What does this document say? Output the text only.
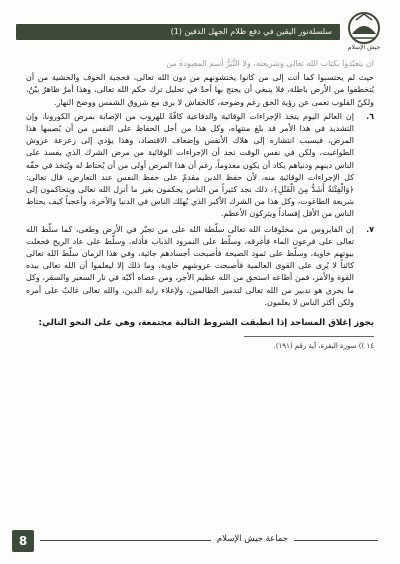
سلسلةنور اليقين في دفع ظلام الجهل الدفين (1)
جيش الإسلام

ان يتعبّدوا بكتاب الله تعالى وشريعته، ولا التَّبَرُّ أسم المعبودة من

حيث لم يحتسبوا كما أتت إلى من كانوا يختشونهم من دون الله تعالى، فحجبة الخوف والخشية من أن يُتخطفوا من الأرض باطلة، فلا ينبغي أن يحتج بها أحدٌ في تحليل ترك حكم الله تعالى، وهذا أمرٌ ظاهرٌ بيّنٌ، ولكنّ القلوب تعمى عن رؤية الحق رغم وضوحه، كالخفاش لا يرى مع شروق الشمس ووضح النهار.

٦.
إن العالم اليوم يتخذ الإجراءات الوقائية والدفاعية كافّةً للهروب من الإصابة بمرض الكورونا، وإن التشديد في هذا الأمر قد بلغ منتهاه، وكل هذا من أجل الحفاظ على النفس من أن يُصيبها هذا المرض، فيسبب انتشاره إلى هلاك الأنفس وإضعاف الاقتصاد، وهذا يؤدي إلى زعزعة عروش الطواغيت، ولكن في نفس الوقت نجد أن الإجراءات الوقائية من مرض الشرك الذي يفسد على الناس دينهم ودنياهم يكاد أن يكون معدوماً، رغم أن هذا المرض أولى من أن يُحتاط له ويُتخذ في حقّه كل الإجراءات الوقائية منه، لأن حفظ الدين مقدمٌ على حفظ النفس عند التعارض، قال تعالى: ﴿وَالْفِتْنَةُ أَشَدُّ مِنَ الْقَتْلِ﴾، ذلك نجد كثيراً من الناس يحكمون بغير ما أنزل الله تعالى ويتحاكمون إلى شريعة الطاغوت، وكل هذا من الشرك الأكبر الذي يُهلك الناس في الدنيا والآخرة، وأعجباً كيف يحتاط الناس من الأقل إفساداً ويتركون الأعظم.
٧.
إن الفايروس من مخلوقات الله تعالى سلّطه الله على من تجبّر في الأرض وطغى، كما سلّط الله تعالى على فرعون الماء فأغرقه، وسلّط على النمرود الذباب فأذله، وسلّط على عاد الريح فجعلت بيوتهم خاوية، وسلّط على ثمود الصيحة فأصبحت أجسادهم جاثية، وفي هذا الزمان سلّط الله تعالى كائناً لا يُرى على القوى العالمية فأصبحت عروشهم خاوية، وما ذلك إلا ليعلموا أن الله تعالى بيده القوة والأمر، فمن أطاعه استحق من الله عظيم الأجر، ومن عصاه أكبّه في نار السعير والسقر، وكل ما يجري هو تدبير من الله تعالى لتدمير الظالمين، ولإعلاء راية الدين، والله تعالى غالبٌ على أمره ولكن أكثر الناس لا يعلمون.

يجوز إغلاق المساجد إذا انطبقت الشروط التالية مجتمعة، وهي على النحو التالي:

١٤ )) سورة البقرة، آية رقم (١٩١).
جماعة جيش الإسلام
8
